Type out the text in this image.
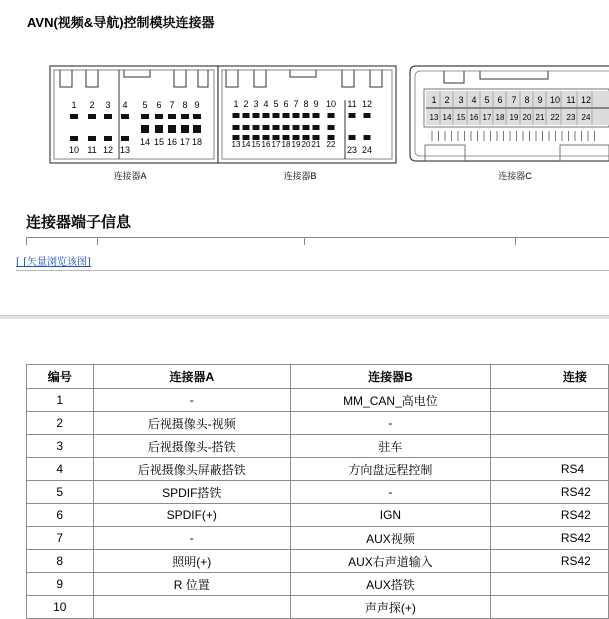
AVN(视频&导航)控制模块连接器
1 2 3 4 5 6 7 8 9
10 11 12 13
14 15 16 17 18
连接器A
1 2 3 4 5 6 7 8 9 10 11 12
13 14 15 16 17 18 19 20 21 22
23 24
连接器B
1 2 3 4 5 6 7 8 9 10 11 12
13 14 15 16 17 18 19 20 21 22 23 24
连接器C
连接器端子信息
[ [矢量浏览该图]
编号	连接器A	连接器B	连接
1	-	MM_CAN_高电位	
2	后视摄像头-视频	-	
3	后视摄像头-搭铁	驻车	
4	后视摄像头屏蔽搭铁	方向盘远程控制	RS4
5	SPDIF搭铁	-	RS42
6	SPDIF(+)	IGN	RS42
7	-	AUX视频	RS42
8	照明(+)	AUX右声道输入	RS42
9	R 位置	AUX搭铁	
10		声声探(+)	
